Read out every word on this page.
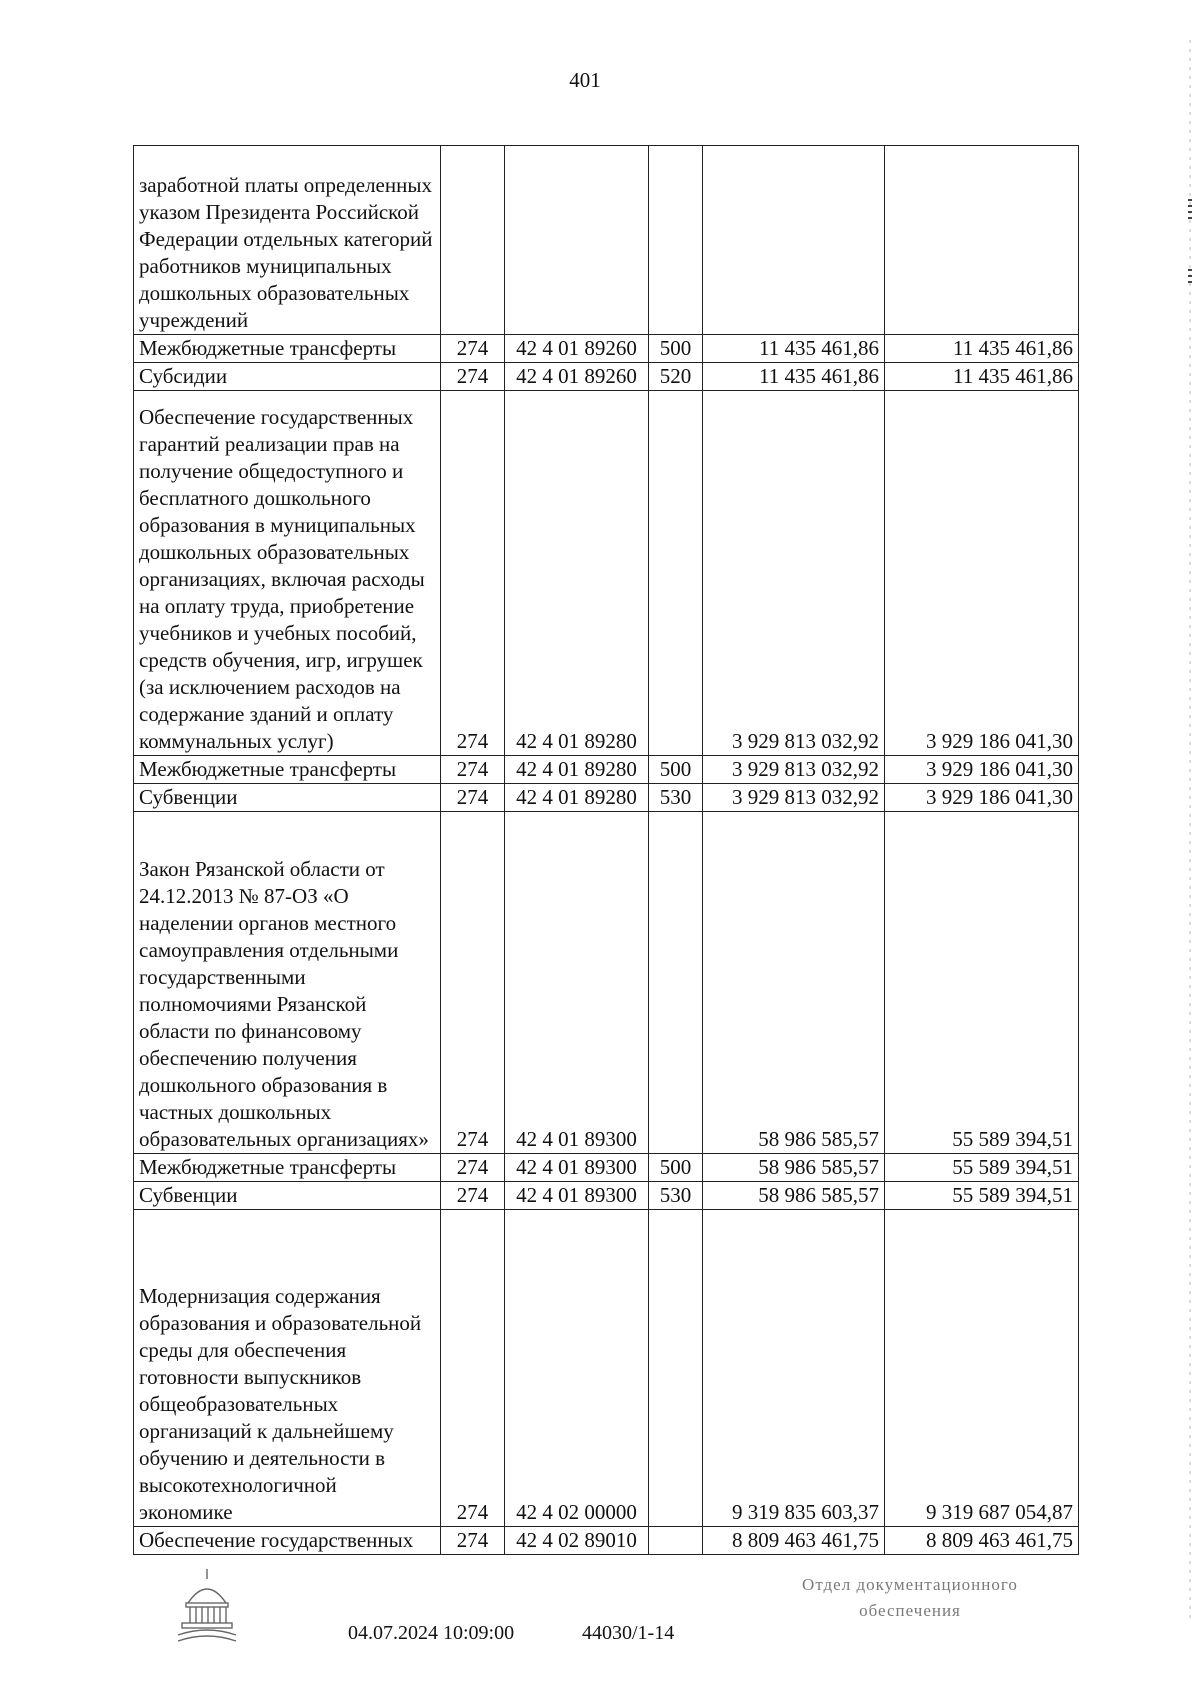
401
заработной платы определенных указом Президента Российской Федерации отдельных категорий работников муниципальных дошкольных образовательных учреждений					
Межбюджетные трансферты	274	42 4 01 89260	500	11 435 461,86	11 435 461,86
Субсидии	274	42 4 01 89260	520	11 435 461,86	11 435 461,86
Обеспечение государственных гарантий реализации прав на получение общедоступного и бесплатного дошкольного образования в муниципальных дошкольных образовательных организациях, включая расходы на оплату труда, приобретение учебников и учебных пособий, средств обучения, игр, игрушек (за исключением расходов на содержание зданий и оплату коммунальных услуг)	274	42 4 01 89280		3 929 813 032,92	3 929 186 041,30
Межбюджетные трансферты	274	42 4 01 89280	500	3 929 813 032,92	3 929 186 041,30
Субвенции	274	42 4 01 89280	530	3 929 813 032,92	3 929 186 041,30
Закон Рязанской области от 24.12.2013 № 87-ОЗ «О наделении органов местного самоуправления отдельными государственными полномочиями Рязанской области по финансовому обеспечению получения дошкольного образования в частных дошкольных образовательных организациях»	274	42 4 01 89300		58 986 585,57	55 589 394,51
Межбюджетные трансферты	274	42 4 01 89300	500	58 986 585,57	55 589 394,51
Субвенции	274	42 4 01 89300	530	58 986 585,57	55 589 394,51
Модернизация содержания образования и образовательной среды для обеспечения готовности выпускников общеобразовательных организаций к дальнейшему обучению и деятельности в высокотехнологичной экономике	274	42 4 02 00000		9 319 835 603,37	9 319 687 054,87
Обеспечение государственных	274	42 4 02 89010		8 809 463 461,75	8 809 463 461,75
04.07.2024 10:09:00	44030/1-14
Отдел документационного
обеспечения
